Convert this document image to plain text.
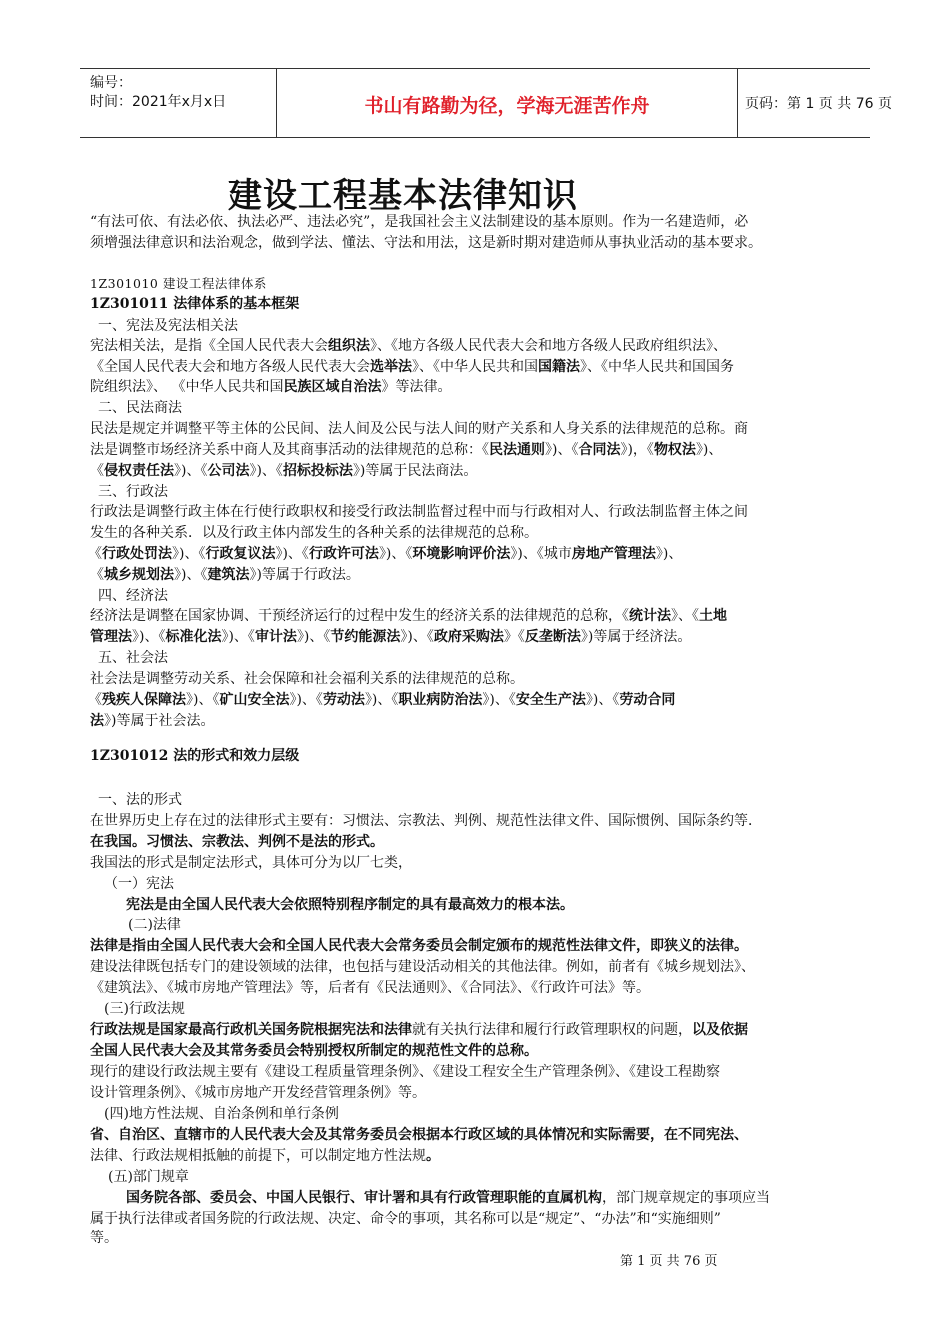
编号：
时间：2021年x月x日	书山有路勤为径，学海无涯苦作舟	页码：第 1 页 共 76 页
建设工程基本法律知识
“有法可依、有法必依、执法必严、违法必究”，是我国社会主义法制建设的基本原则。作为一名建造师，必
须增强法律意识和法治观念，做到学法、懂法、守法和用法，这是新时期对建造师从事执业活动的基本要求。
1Z301010 建设工程法律体系
1Z301011 法律体系的基本框架
一、宪法及宪法相关法
宪法相关法，是指《全国人民代表大会组织法》、《地方各级人民代表大会和地方各级人民政府组织法》、
《全国人民代表大会和地方各级人民代表大会选举法》、《中华人民共和国国籍法》、《中华人民共和国国务
院组织法》、 《中华人民共和国民族区域自治法》等法律。
二、民法商法
民法是规定并调整平等主体的公民间、法人间及公民与法人间的财产关系和人身关系的法律规范的总称。商
法是调整市场经济关系中商人及其商事活动的法律规范的总称：《民法通则》)、《合同法》)，《物权法》)、
《侵权责任法》)、《公司法》)、《招标投标法》)等属于民法商法。
三、行政法
行政法是调整行政主体在行使行政职权和接受行政法制监督过程中而与行政相对人、行政法制监督主体之间
发生的各种关系．以及行政主体内部发生的各种关系的法律规范的总称。
《行政处罚法》)、《行政复议法》)、《行政许可法》)、《环境影响评价法》)、《城市房地产管理法》)、
《城乡规划法》)、《建筑法》)等属于行政法。
四、经济法
经济法是调整在国家协调、干预经济运行的过程中发生的经济关系的法律规范的总称，《统计法》、《土地
管理法》)、《标准化法》)、《审计法》)、《节约能源法》)、《政府采购法》《反垄断法》)等属于经济法。
五、社会法
社会法是调整劳动关系、社会保障和社会福利关系的法律规范的总称。
《残疾人保障法》)、《矿山安全法》)、《劳动法》)、《职业病防治法》)、《安全生产法》)、《劳动合同
法》)等属于社会法。
1Z301012 法的形式和效力层级
一、法的形式
在世界历史上存在过的法律形式主要有：习惯法、宗教法、判例、规范性法律文件、国际惯例、国际条约等．
在我国。习惯法、宗教法、判例不是法的形式。
我国法的形式是制定法形式，具体可分为以厂七类，
（一）宪法
宪法是由全国人民代表大会依照特别程序制定的具有最高效力的根本法。
(二)法律
法律是指由全国人民代表大会和全国人民代表大会常务委员会制定颁布的规范性法律文件，即狭义的法律。
建设法律既包括专门的建设领域的法律，也包括与建设活动相关的其他法律。例如，前者有《城乡规划法》、
《建筑法》、《城市房地产管理法》等，后者有《民法通则》、《合同法》、《行政许可法》等。
(三)行政法规
行政法规是国家最高行政机关国务院根据宪法和法律就有关执行法律和履行行政管理职权的问题，以及依据
全国人民代表大会及其常务委员会特别授权所制定的规范性文件的总称。
现行的建设行政法规主要有《建设工程质量管理条例》、《建设工程安全生产管理条例》、《建设工程勘察
设计管理条例》、《城市房地产开发经营管理条例》等。
(四)地方性法规、自治条例和单行条例
省、自治区、直辖市的人民代表大会及其常务委员会根据本行政区域的具体情况和实际需要，在不同宪法、
法律、行政法规相抵触的前提下，可以制定地方性法规。
(五)部门规章
国务院各部、委员会、中国人民银行、审计署和具有行政管理职能的直属机构，部门规章规定的事项应当
属于执行法律或者国务院的行政法规、决定、命令的事项，其名称可以是“规定”、“办法”和“实施细则”
等。
第 1 页 共 76 页
